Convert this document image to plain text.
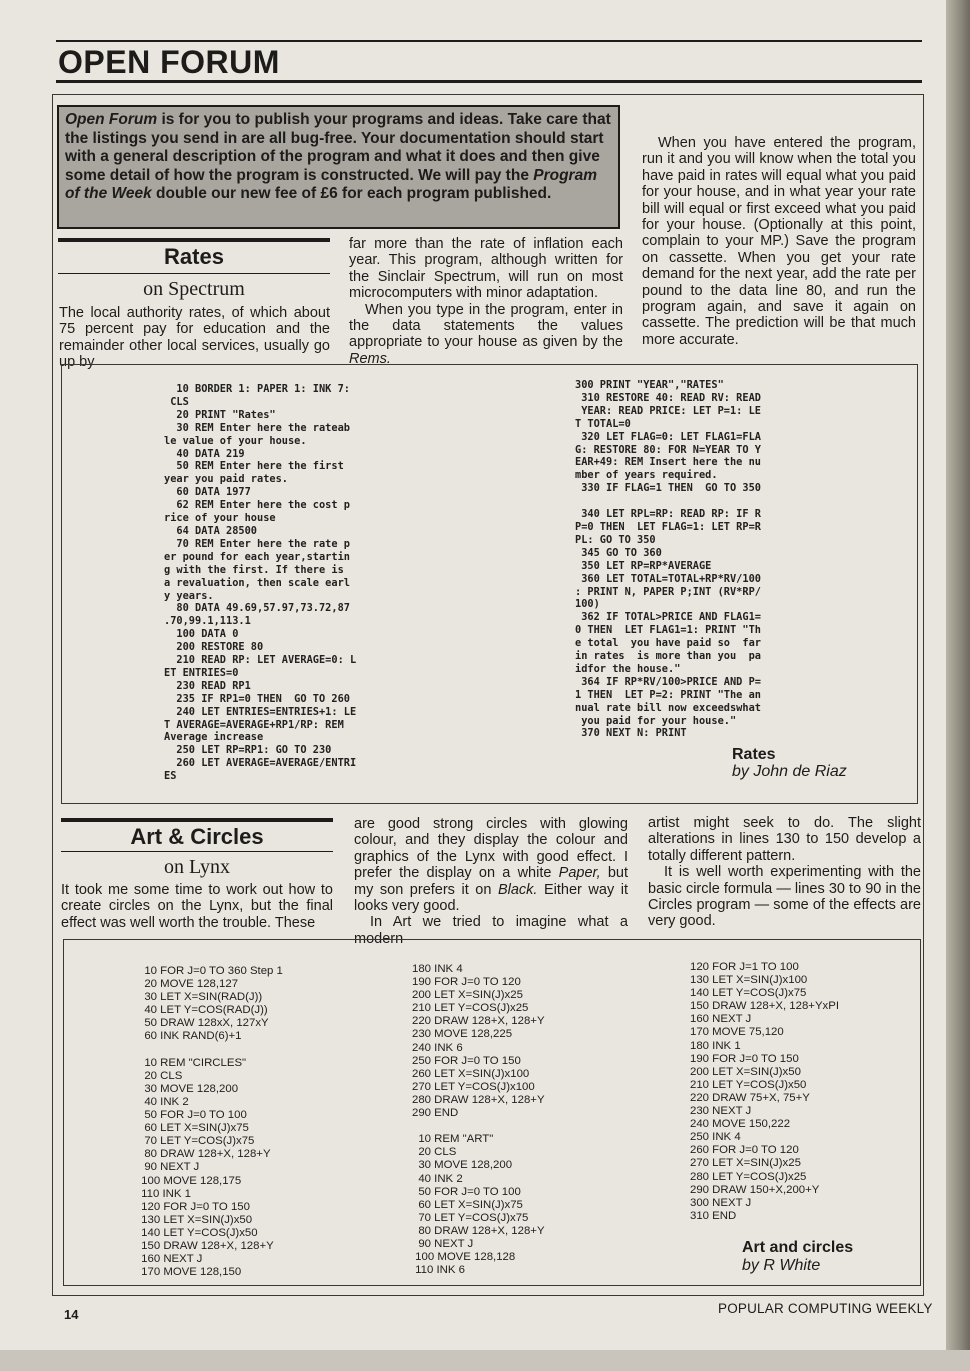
OPEN FORUM
Open Forum is for you to publish your programs and ideas. Take care that the listings you send in are all bug-free. Your documentation should start with a general description of the program and what it does and then give some detail of how the program is constructed. We will pay the Program of the Week double our new fee of £6 for each program published.
Rates
on Spectrum
The local authority rates, of which about 75 percent pay for education and the remainder other local services, usually go up by
far more than the rate of inflation each year. This program, although written for the Sinclair Spectrum, will run on most microcomputers with minor adaptation.
When you type in the program, enter in the data statements the values appropriate to your house as given by the Rems.
When you have entered the program, run it and you will know when the total you have paid in rates will equal what you paid for your house, and in what year your rate bill will equal or first exceed what you paid for your house. (Optionally at this point, complain to your MP.) Save the program on cassette. When you get your rate demand for the next year, add the rate per pound to the data line 80, and run the program again, and save it again on cassette. The prediction will be that much more accurate.
10 BORDER 1: PAPER 1: INK 7:
CLS
20 PRINT "Rates"
30 REM Enter here the rateab
le value of your house.
40 DATA 219
50 REM Enter here the first
year you paid rates.
60 DATA 1977
62 REM Enter here the cost p
rice of your house
64 DATA 28500
70 REM Enter here the rate p
er pound for each year,startin
g with the first. If there is
a revaluation, then scale earl
y years.
80 DATA 49.69,57.97,73.72,87
.70,99.1,113.1
100 DATA 0
200 RESTORE 80
210 READ RP: LET AVERAGE=0: L
ET ENTRIES=0
230 READ RP1
235 IF RP1=0 THEN  GO TO 260
240 LET ENTRIES=ENTRIES+1: LE
T AVERAGE=AVERAGE+RP1/RP: REM
Average increase
250 LET RP=RP1: GO TO 230
260 LET AVERAGE=AVERAGE/ENTRI
ES
300 PRINT "YEAR","RATES"
310 RESTORE 40: READ RV: READ
YEAR: READ PRICE: LET P=1: LE
T TOTAL=0
320 LET FLAG=0: LET FLAG1=FLA
G: RESTORE 80: FOR N=YEAR TO Y
EAR+49: REM Insert here the nu
mber of years required.
330 IF FLAG=1 THEN  GO TO 350

340 LET RPL=RP: READ RP: IF R
P=0 THEN  LET FLAG=1: LET RP=R
PL: GO TO 350
345 GO TO 360
350 LET RP=RP*AVERAGE
360 LET TOTAL=TOTAL+RP*RV/100
: PRINT N, PAPER P;INT (RV*RP/
100)
362 IF TOTAL>PRICE AND FLAG1=
0 THEN  LET FLAG1=1: PRINT "Th
e total  you have paid so  far
in rates  is more than you  pa
idfor the house."
364 IF RP*RV/100>PRICE AND P=
1 THEN  LET P=2: PRINT "The an
nual rate bill now exceedswhat
you paid for your house."
370 NEXT N: PRINT
Rates
by John de Riaz
Art & Circles
on Lynx
It took me some time to work out how to create circles on the Lynx, but the final effect was well worth the trouble. These
are good strong circles with glowing colour, and they display the colour and graphics of the Lynx with good effect. I prefer the display on a white Paper, but my son prefers it on Black. Either way it looks very good.
In Art we tried to imagine what a modern
artist might seek to do. The slight alterations in lines 130 to 150 develop a totally different pattern.
It is well worth experimenting with the basic circle formula — lines 30 to 90 in the Circles program — some of the effects are very good.
10 FOR J=0 TO 360 Step 1
20 MOVE 128,127
30 LET X=SIN(RAD(J))
40 LET Y=COS(RAD(J))
50 DRAW 128xX, 127xY
60 INK RAND(6)+1

10 REM "CIRCLES"
20 CLS
30 MOVE 128,200
40 INK 2
50 FOR J=0 TO 100
60 LET X=SIN(J)x75
70 LET Y=COS(J)x75
80 DRAW 128+X, 128+Y
90 NEXT J
100 MOVE 128,175
110 INK 1
120 FOR J=0 TO 150
130 LET X=SIN(J)x50
140 LET Y=COS(J)x50
150 DRAW 128+X, 128+Y
160 NEXT J
170 MOVE 128,150
180 INK 4
190 FOR J=0 TO 120
200 LET X=SIN(J)x25
210 LET Y=COS(J)x25
220 DRAW 128+X, 128+Y
230 MOVE 128,225
240 INK 6
250 FOR J=0 TO 150
260 LET X=SIN(J)x100
270 LET Y=COS(J)x100
280 DRAW 128+X, 128+Y
290 END

10 REM "ART"
20 CLS
30 MOVE 128,200
40 INK 2
50 FOR J=0 TO 100
60 LET X=SIN(J)x75
70 LET Y=COS(J)x75
80 DRAW 128+X, 128+Y
90 NEXT J
100 MOVE 128,128
110 INK 6
120 FOR J=1 TO 100
130 LET X=SIN(J)x100
140 LET Y=COS(J)x75
150 DRAW 128+X, 128+YxPI
160 NEXT J
170 MOVE 75,120
180 INK 1
190 FOR J=0 TO 150
200 LET X=SIN(J)x50
210 LET Y=COS(J)x50
220 DRAW 75+X, 75+Y
230 NEXT J
240 MOVE 150,222
250 INK 4
260 FOR J=0 TO 120
270 LET X=SIN(J)x25
280 LET Y=COS(J)x25
290 DRAW 150+X,200+Y
300 NEXT J
310 END
Art and circles
by R White
14	POPULAR COMPUTING WEEKLY
